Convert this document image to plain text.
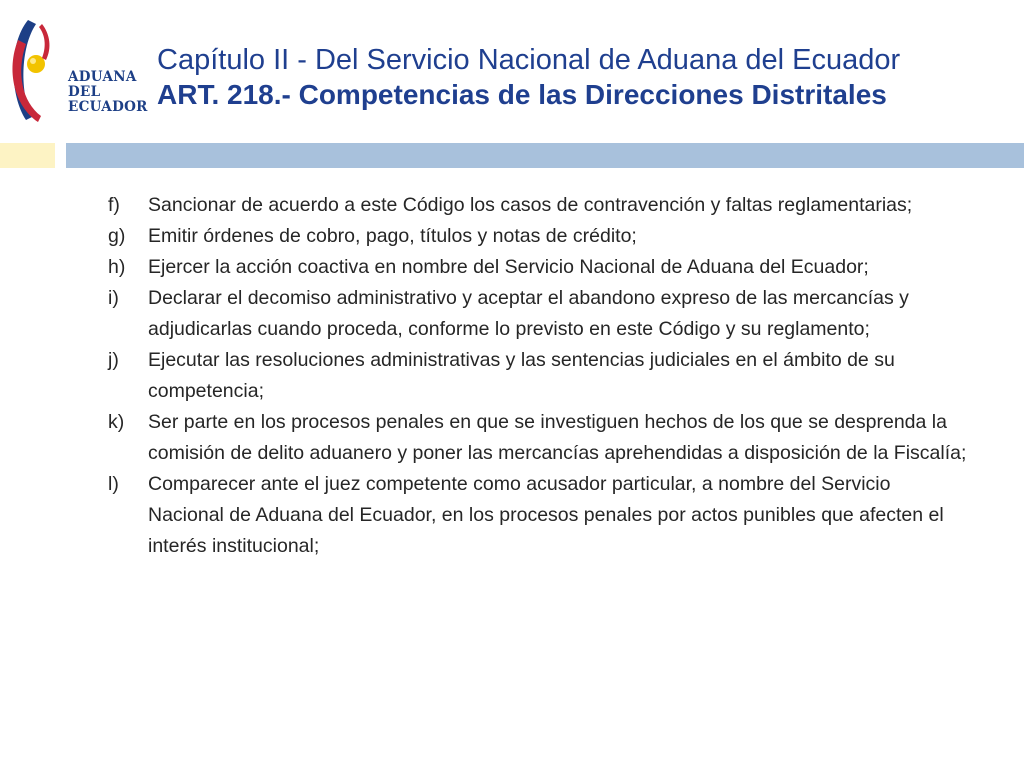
ADUANA
DEL
ECUADOR
Capítulo II - Del Servicio Nacional de Aduana del Ecuador
ART. 218.- Competencias de las Direcciones Distritales
f)	Sancionar de acuerdo a este Código los casos de contravención y faltas reglamentarias;
g)	Emitir órdenes de cobro, pago, títulos y notas de crédito;
h)	Ejercer la acción coactiva en nombre del Servicio Nacional de Aduana del Ecuador;
i)	Declarar el decomiso administrativo y aceptar el abandono expreso de las mercancías y adjudicarlas cuando proceda, conforme lo previsto en este Código y su reglamento;
j)	Ejecutar las resoluciones administrativas y las sentencias judiciales en el ámbito de su competencia;
k)	Ser parte en los procesos penales en que se investiguen hechos de los que se desprenda la comisión de delito aduanero y poner las mercancías aprehendidas a disposición de la Fiscalía;
l)	Comparecer ante el juez competente como acusador particular, a nombre del Servicio Nacional de Aduana del Ecuador, en los procesos penales por actos punibles que afecten el interés institucional;
